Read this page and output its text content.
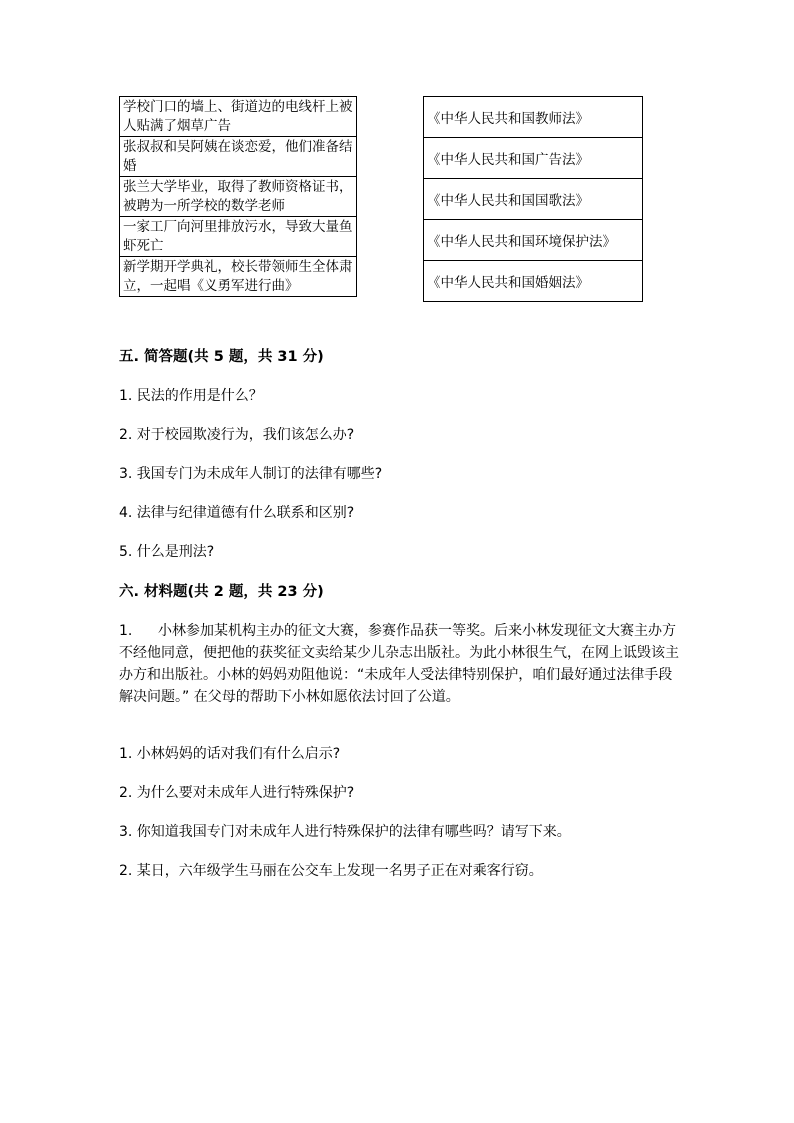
学校门口的墙上、街道边的电线杆上被人贴满了烟草广告
张叔叔和吴阿姨在谈恋爱，他们准备结婚
张兰大学毕业，取得了教师资格证书，被聘为一所学校的数学老师
一家工厂向河里排放污水，导致大量鱼虾死亡
新学期开学典礼，校长带领师生全体肃立，一起唱《义勇军进行曲》
《中华人民共和国教师法》
《中华人民共和国广告法》
《中华人民共和国国歌法》
《中华人民共和国环境保护法》
《中华人民共和国婚姻法》
五. 简答题(共 5 题，共 31 分)
1. 民法的作用是什么？
2. 对于校园欺凌行为，我们该怎么办?
3. 我国专门为未成年人制订的法律有哪些?
4. 法律与纪律道德有什么联系和区别?
5. 什么是刑法?
六. 材料题(共 2 题，共 23 分)
1. 小林参加某机构主办的征文大赛，参赛作品获一等奖。后来小林发现征文大赛主办方不经他同意，便把他的获奖征文卖给某少儿杂志出版社。为此小林很生气，在网上诋毁该主办方和出版社。小林的妈妈劝阻他说：“未成年人受法律特别保护，咱们最好通过法律手段解决问题。” 在父母的帮助下小林如愿依法讨回了公道。
1. 小林妈妈的话对我们有什么启示?
2. 为什么要对未成年人进行特殊保护?
3. 你知道我国专门对未成年人进行特殊保护的法律有哪些吗？请写下来。
2. 某日，六年级学生马丽在公交车上发现一名男子正在对乘客行窃。
